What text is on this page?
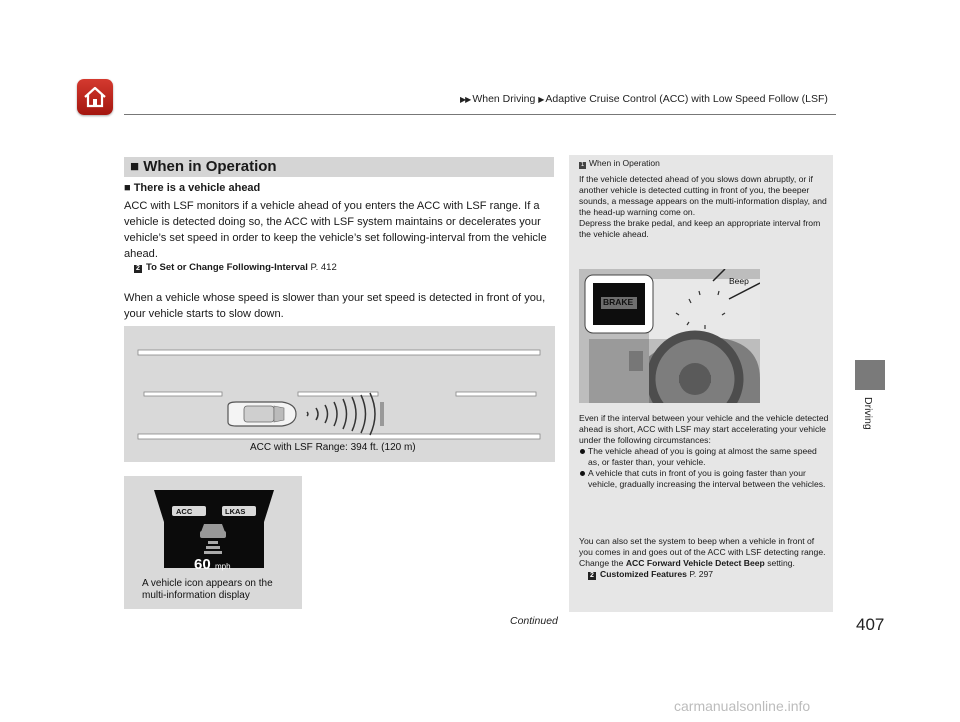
▶▶ When Driving ▶ Adaptive Cruise Control (ACC) with Low Speed Follow (LSF)
Driving
■ When in Operation
■ There is a vehicle ahead
ACC with LSF monitors if a vehicle ahead of you enters the ACC with LSF range. If a vehicle is detected doing so, the ACC with LSF system maintains or decelerates your vehicle’s set speed in order to keep the vehicle’s set following-interval from the vehicle ahead.
2 To Set or Change Following-Interval P. 412
When a vehicle whose speed is slower than your set speed is detected in front of you, your vehicle starts to slow down.
ACC with LSF Range: 394 ft. (120 m)
ACC	LKAS
60 mph
A vehicle icon appears on the
multi-information display
1 When in Operation
If the vehicle detected ahead of you slows down abruptly, or if another vehicle is detected cutting in front of you, the beeper sounds, a message appears on the multi-information display, and the head-up warning come on.
Depress the brake pedal, and keep an appropriate interval from the vehicle ahead.
BRAKE
Beep
Even if the interval between your vehicle and the vehicle detected ahead is short, ACC with LSF may start accelerating your vehicle under the following circumstances:
The vehicle ahead of you is going at almost the same speed as, or faster than, your vehicle.
A vehicle that cuts in front of you is going faster than your vehicle, gradually increasing the interval between the vehicles.
You can also set the system to beep when a vehicle in front of you comes in and goes out of the ACC with LSF detecting range. Change the ACC Forward Vehicle Detect Beep setting.
2 Customized Features P. 297
Continued	407
carmanualsonline.info
